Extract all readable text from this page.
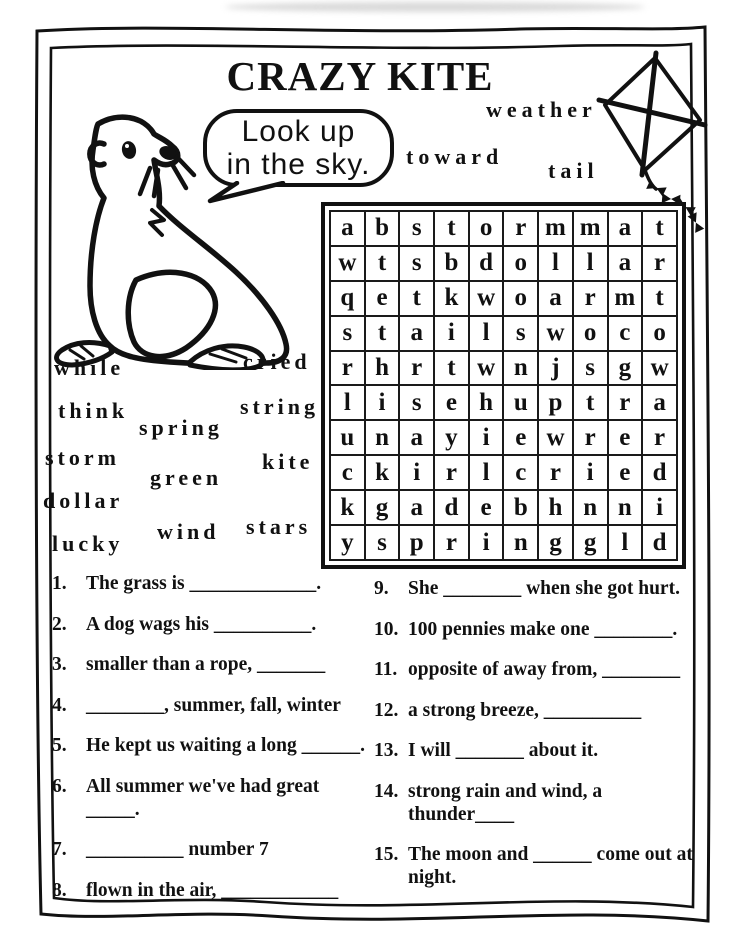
CRAZY KITE
Look up
in the sky.
weather
toward
tail
while	cried
think	string
spring
storm	kite
green
dollar
wind stars
lucky
a	b	s	t	o	r	m	m	a	t
w	t	s	b	d	o	l	l	a	r
q	e	t	k	w	o	a	r	m	t
s	t	a	i	l	s	w	o	c	o
r	h	r	t	w	n	j	s	g	w
l	i	s	e	h	u	p	t	r	a
u	n	a	y	i	e	w	r	e	r
c	k	i	r	l	c	r	i	e	d
k	g	a	d	e	b	h	n	n	i
y	s	p	r	i	n	g	g	l	d
1. The grass is _____________.
2. A dog wags his __________.
3. smaller than a rope, _______
4. ________, summer, fall, winter
5. He kept us waiting a long ______.
6. All summer we've had great _____.
7. __________ number 7
8. flown in the air, ____________
9. She ________ when she got hurt.
10. 100 pennies make one ________.
11. opposite of away from, ________
12. a strong breeze, __________
13. I will _______ about it.
14. strong rain and wind, a thunder____
15. The moon and ______ come out at night.
